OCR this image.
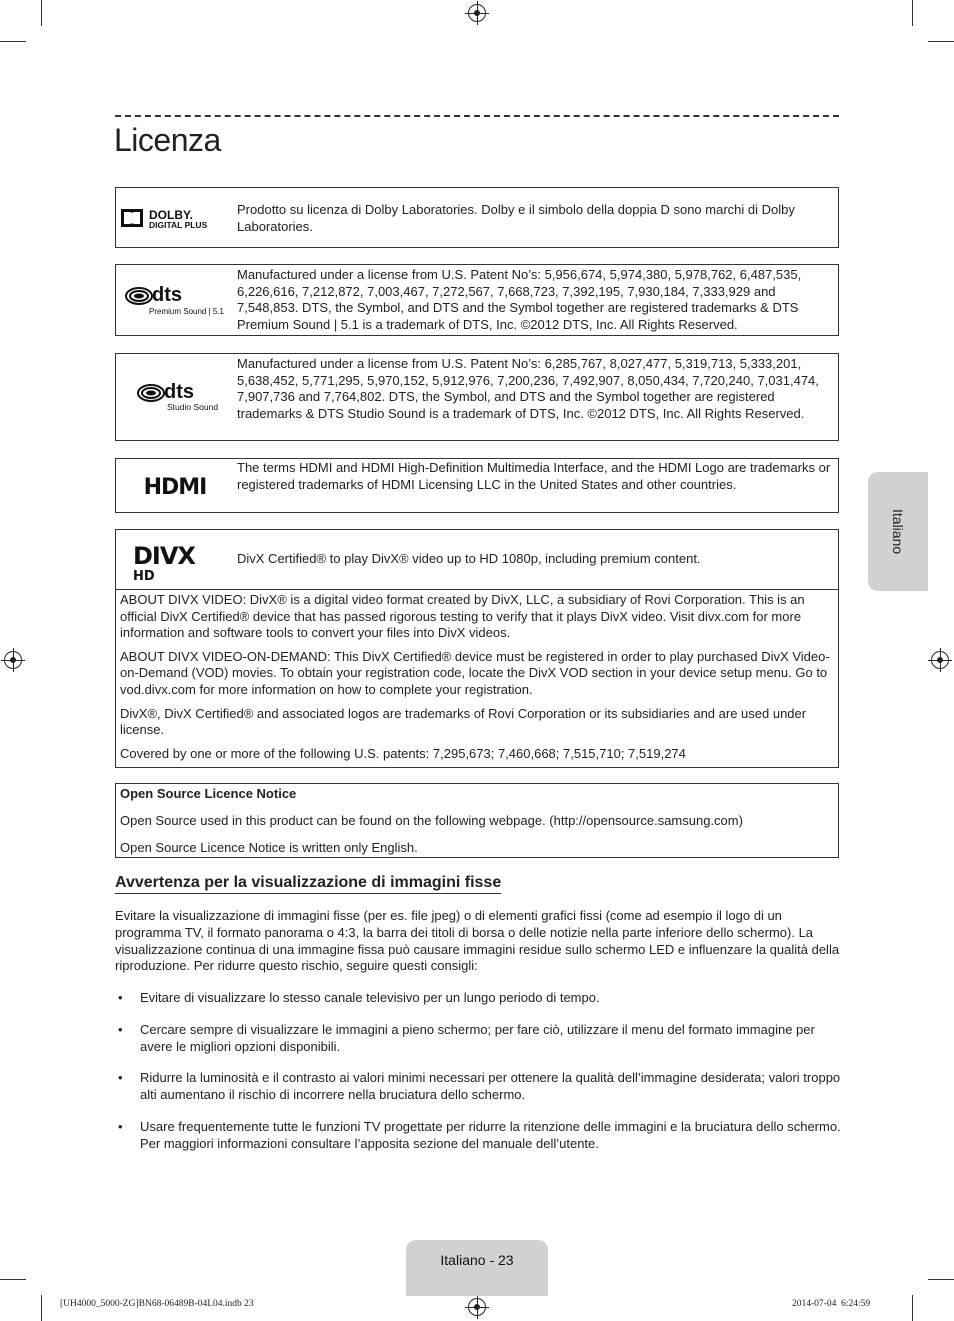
Licenza
DOLBY.
DIGITAL PLUS
Prodotto su licenza di Dolby Laboratories. Dolby e il simbolo della doppia D sono marchi di Dolby Laboratories.
dts
Premium Sound | 5.1
Manufactured under a license from U.S. Patent No’s: 5,956,674, 5,974,380, 5,978,762, 6,487,535, 6,226,616, 7,212,872, 7,003,467, 7,272,567, 7,668,723, 7,392,195, 7,930,184, 7,333,929 and 7,548,853. DTS, the Symbol, and DTS and the Symbol together are registered trademarks & DTS Premium Sound | 5.1 is a trademark of DTS, Inc. ©2012 DTS, Inc. All Rights Reserved.
dts
Studio Sound
Manufactured under a license from U.S. Patent No’s: 6,285,767, 8,027,477, 5,319,713, 5,333,201, 5,638,452, 5,771,295, 5,970,152, 5,912,976, 7,200,236, 7,492,907, 8,050,434, 7,720,240, 7,031,474, 7,907,736 and 7,764,802. DTS, the Symbol, and DTS and the Symbol together are registered trademarks & DTS Studio Sound is a trademark of DTS, Inc. ©2012 DTS, Inc. All Rights Reserved.
HDMI
The terms HDMI and HDMI High-Definition Multimedia Interface, and the HDMI Logo are trademarks or registered trademarks of HDMI Licensing LLC in the United States and other countries.
DIVX
HD
DivX Certified® to play DivX® video up to HD 1080p, including premium content.

ABOUT DIVX VIDEO: DivX® is a digital video format created by DivX, LLC, a subsidiary of Rovi Corporation. This is an official DivX Certified® device that has passed rigorous testing to verify that it plays DivX video. Visit divx.com for more information and software tools to convert your files into DivX videos.

ABOUT DIVX VIDEO-ON-DEMAND: This DivX Certified® device must be registered in order to play purchased DivX Video-on-Demand (VOD) movies. To obtain your registration code, locate the DivX VOD section in your device setup menu. Go to vod.divx.com for more information on how to complete your registration.

DivX®, DivX Certified® and associated logos are trademarks of Rovi Corporation or its subsidiaries and are used under license.

Covered by one or more of the following U.S. patents: 7,295,673; 7,460,668; 7,515,710; 7,519,274

Open Source Licence Notice

Open Source used in this product can be found on the following webpage. (http://opensource.samsung.com)

Open Source Licence Notice is written only English.

Avvertenza per la visualizzazione di immagini fisse

Evitare la visualizzazione di immagini fisse (per es. file jpeg) o di elementi grafici fissi (come ad esempio il logo di un programma TV, il formato panorama o 4:3, la barra dei titoli di borsa o delle notizie nella parte inferiore dello schermo). La visualizzazione continua di una immagine fissa può causare immagini residue sullo schermo LED e influenzare la qualità della riproduzione. Per ridurre questo rischio, seguire questi consigli:

• Evitare di visualizzare lo stesso canale televisivo per un lungo periodo di tempo.
• Cercare sempre di visualizzare le immagini a pieno schermo; per fare ciò, utilizzare il menu del formato immagine per avere le migliori opzioni disponibili.
• Ridurre la luminosità e il contrasto ai valori minimi necessari per ottenere la qualità dell’immagine desiderata; valori troppo alti aumentano il rischio di incorrere nella bruciatura dello schermo.
• Usare frequentemente tutte le funzioni TV progettate per ridurre la ritenzione delle immagini e la bruciatura dello schermo. Per maggiori informazioni consultare l’apposita sezione del manuale dell’utente.
Italiano
Italiano - 23
[UH4000_5000-ZG]BN68-06489B-04L04.indb 23	2014-07-04 ​ 6:24:59
